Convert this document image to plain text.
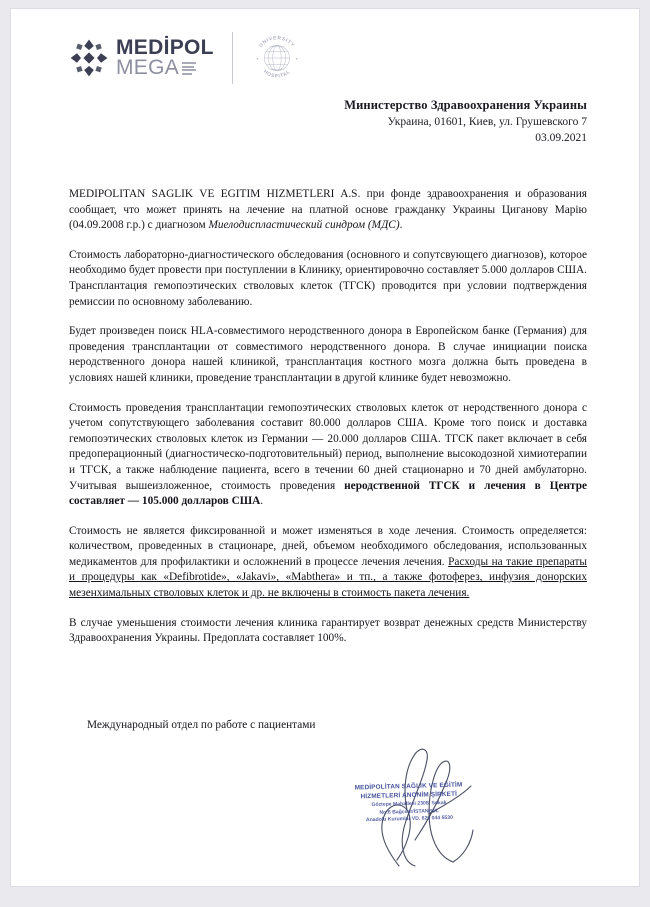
MEDİPOL
MEGA
UNIVERSITY
HOSPITAL
Министерство Здравоохранения Украины
Украина, 01601, Киев, ул. Грушевского 7
03.09.2021

MEDIPOLITAN SAGLIK VE EGITIM HIZMETLERI A.S. при фонде здравоохранения и образования сообщает, что может принять на лечение на платной основе гражданку Украины Циганову Марію (04.09.2008 г.р.) с диагнозом Миелодиспластический синдром (МДС).

Стоимость лабораторно-диагностического обследования (основного и сопутсвующего диагнозов), которое необходимо будет провести при поступлении в Клинику, ориентировочно составляет 5.000 долларов США. Трансплантация гемопоэтических стволовых клеток (ТГСК) проводится при условии подтверждения ремиссии по основному заболеванию.

Будет произведен поиск HLA-совместимого неродственного донора в Европейском банке (Германия) для проведения трансплантации от совместимого неродственного донора. В случае инициации поиска неродственного донора нашей клиникой, трансплантация костного мозга должна быть проведена в условиях нашей клиники, проведение трансплантации в другой клинике будет невозможно.

Стоимость проведения трансплантации гемопоэтических стволовых клеток от неродственного донора с учетом сопутствующего заболевания составит 80.000 долларов США. Кроме того поиск и доставка гемопоэтических стволовых клеток из Германии — 20.000 долларов США. ТГСК пакет включает в себя предоперационный (диагностическо-подготовительный) период, выполнение высокодозной химиотерапии и ТГСК, а также наблюдение пациента, всего в течении 60 дней стационарно и 70 дней амбулаторно. Учитывая вышеизложенное, стоимость проведения неродственной ТГСК и лечения в Центре составляет — 105.000 долларов США.

Стоимость не является фиксированной и может изменяться в ходе лечения. Стоимость определяется: количеством, проведенных в стационаре, дней, объемом необходимого обследования, использованных медикаментов для профилактики и осложнений в процессе лечения лечения. Расходы на такие препараты и процедуры как «Defibrotide», «Jakavi», «Mabthera» и тп., а также фотоферез, инфузия донорских мезенхимальных стволовых клеток и др. не включены в стоимость пакета лечения.

В случае уменьшения стоимости лечения клиника гарантирует возврат денежных средств Министерству Здравоохранения Украины. Предоплата составляет 100%.

Международный отдел по работе с пациентами
MEDİPOLİTAN SAĞLIK VE EĞİTİM
HİZMETLERİ ANONİM ŞİRKETİ
Göztepe Mahallesi 2308. Sokak
No:6 Bağcılar/İSTANBUL
Anadolu Kurumlar VD. 620 044 5530
